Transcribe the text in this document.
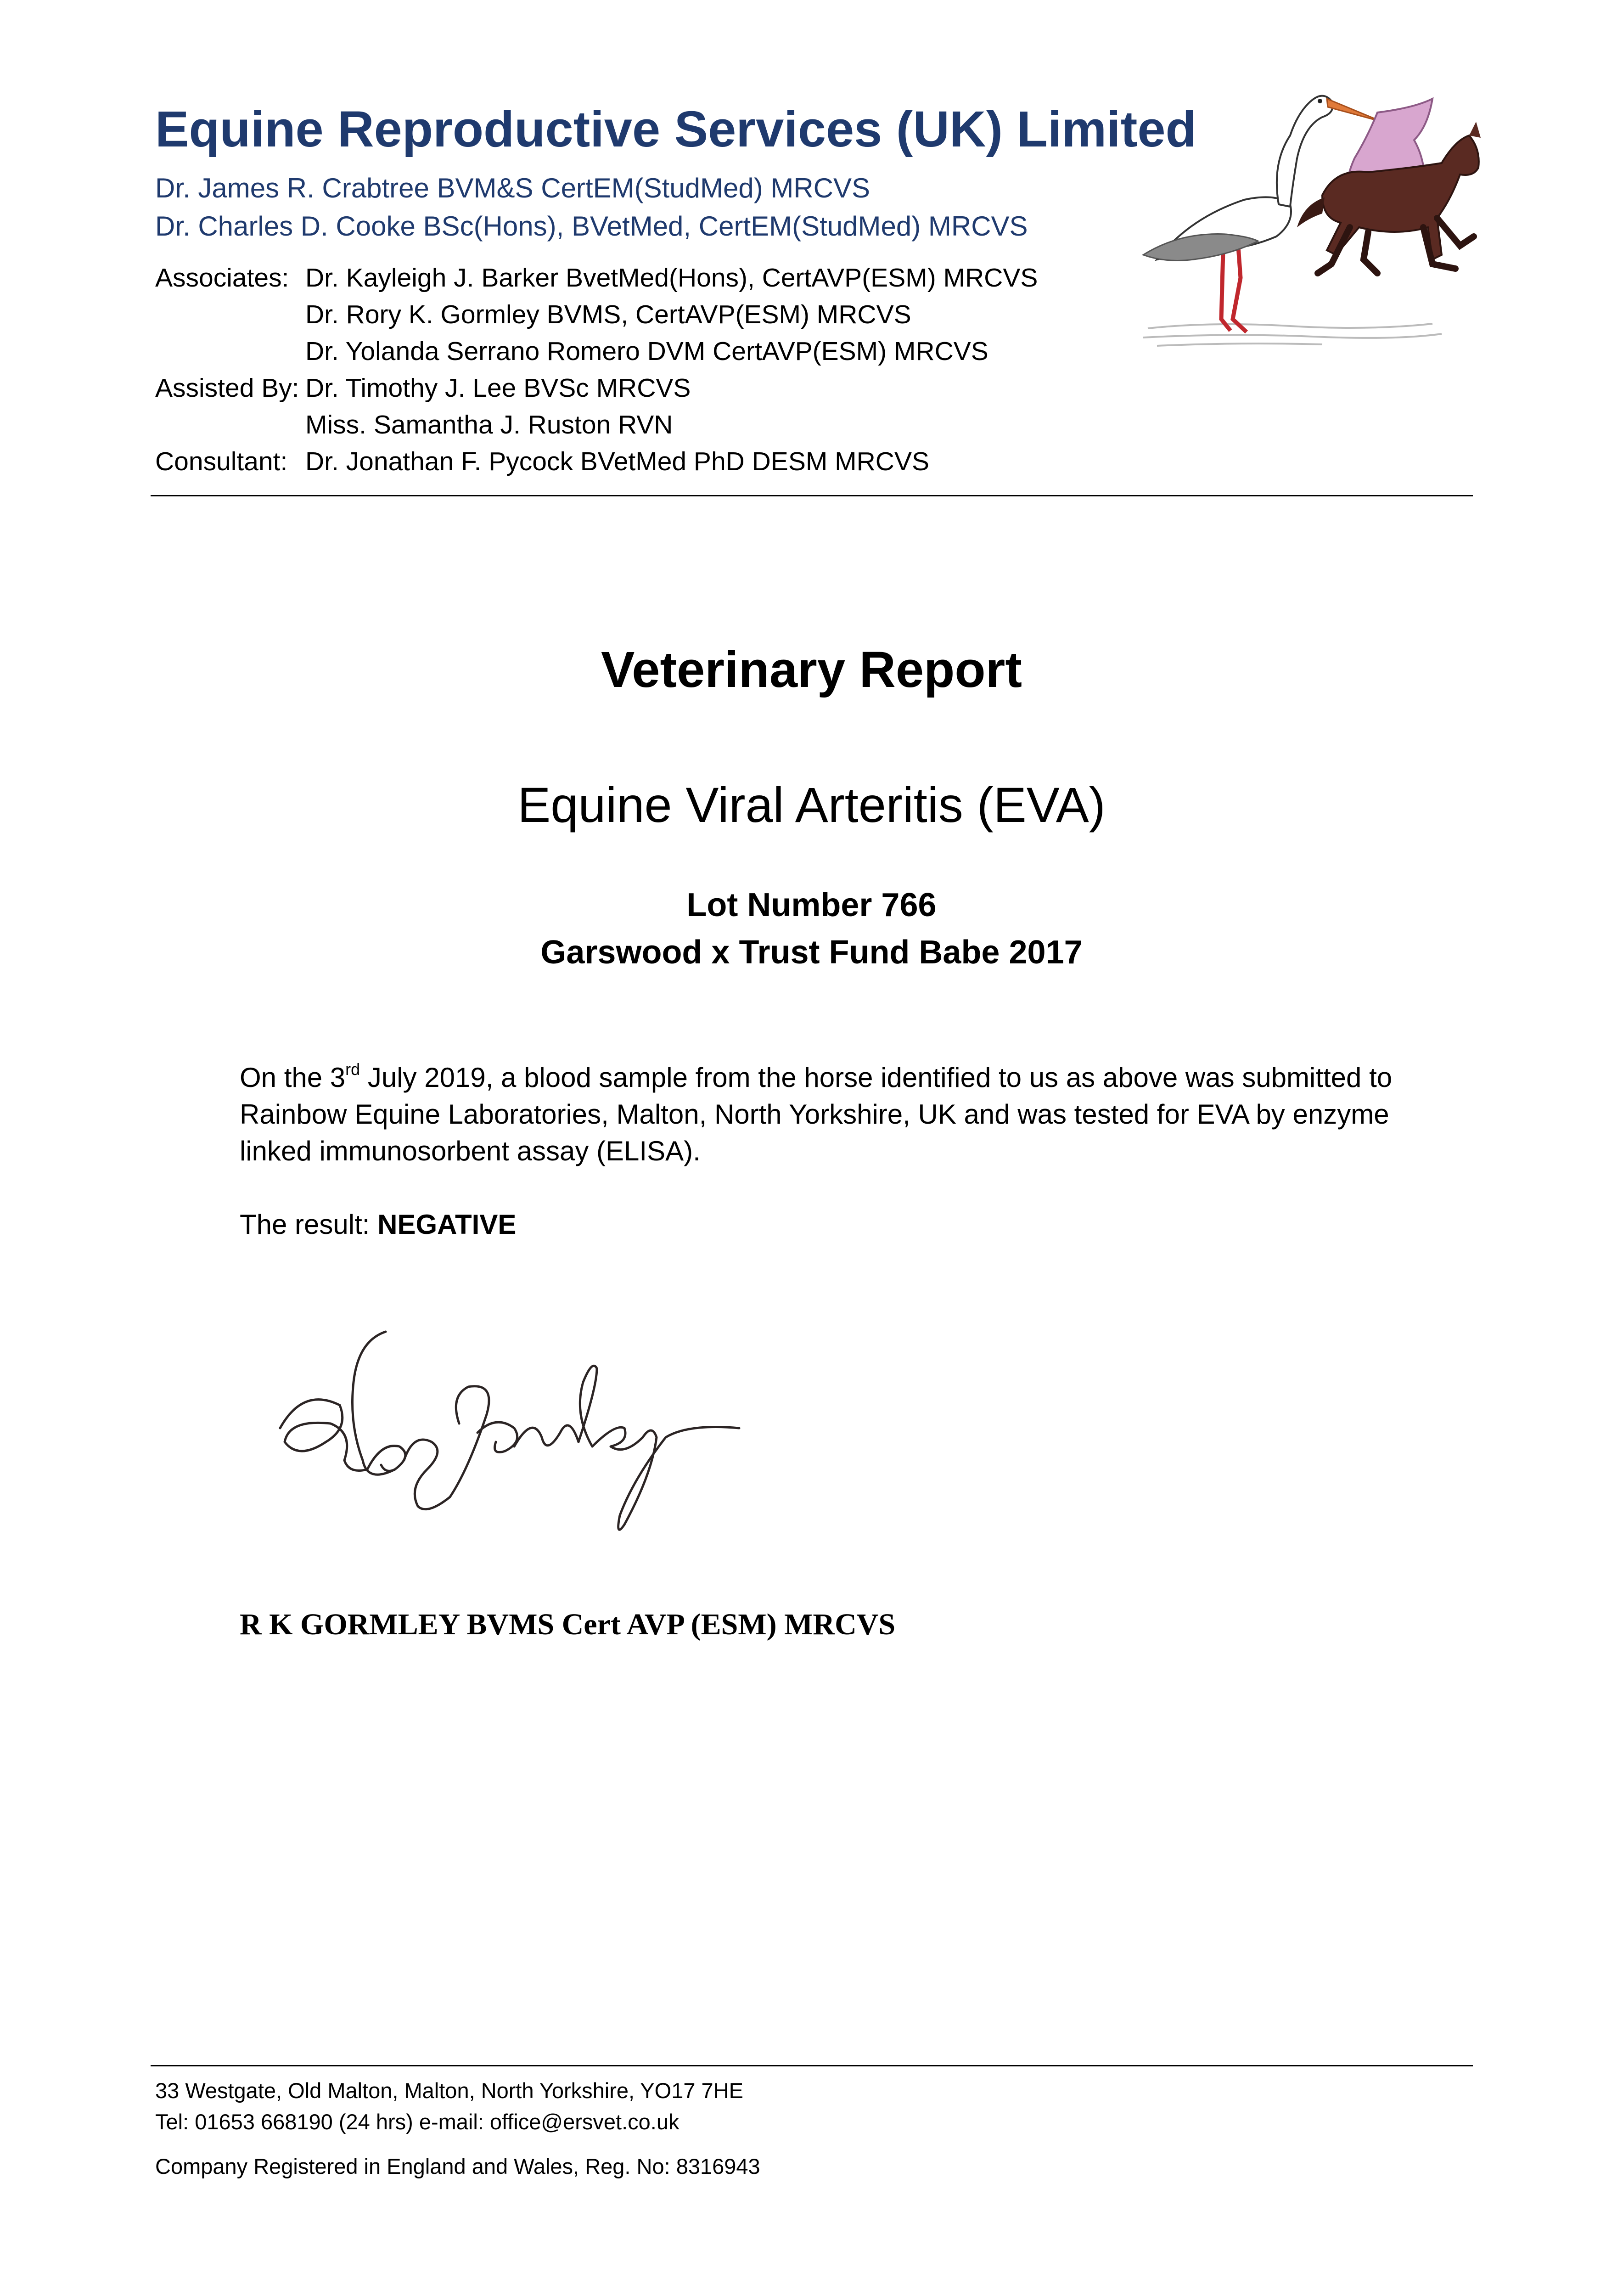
Equine Reproductive Services (UK) Limited
Dr. James R. Crabtree BVM&S CertEM(StudMed) MRCVS
Dr. Charles D. Cooke BSc(Hons), BVetMed, CertEM(StudMed) MRCVS
Associates: Dr. Kayleigh J. Barker BvetMed(Hons), CertAVP(ESM) MRCVS
Dr. Rory K. Gormley BVMS, CertAVP(ESM) MRCVS
Dr. Yolanda Serrano Romero DVM CertAVP(ESM) MRCVS
Assisted By: Dr. Timothy J. Lee BVSc MRCVS
Miss. Samantha J. Ruston RVN
Consultant: Dr. Jonathan F. Pycock BVetMed PhD DESM MRCVS
Veterinary Report
Equine Viral Arteritis (EVA)
Lot Number 766
Garswood x Trust Fund Babe 2017
On the 3rd July 2019, a blood sample from the horse identified to us as above was submitted to
Rainbow Equine Laboratories, Malton, North Yorkshire, UK and was tested for EVA by enzyme
linked immunosorbent assay (ELISA).
The result: NEGATIVE
R K GORMLEY BVMS Cert AVP (ESM) MRCVS
33 Westgate, Old Malton, Malton, North Yorkshire, YO17 7HE
Tel: 01653 668190 (24 hrs) e-mail: office@ersvet.co.uk
Company Registered in England and Wales, Reg. No: 8316943
